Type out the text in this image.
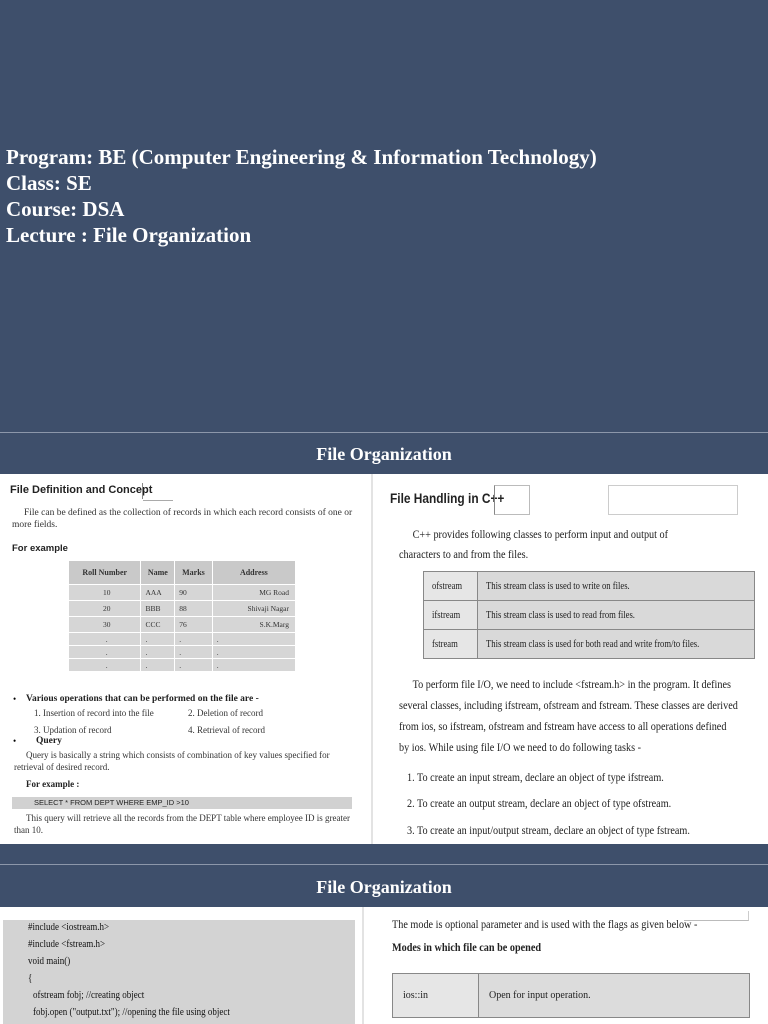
Program: BE (Computer Engineering & Information Technology)
Class: SE
Course: DSA
Lecture : File Organization
File Organization
File Definition and Concept
File can be defined as the collection of records in which each record consists of one or more fields.
For example
Roll Number	Name	Marks	Address
10	AAA	90	MG Road
20	BBB	88	Shivaji Nagar
30	CCC	76	S.K.Marg
.	.	.	.
.	.	.	.
.	.	.	.
• Various operations that can be performed on the file are -
1. Insertion of record into the file	2. Deletion of record
3. Updation of record	4. Retrieval of record
• Query
Query is basically a string which consists of combination of key values specified for retrieval of desired record.
For example :
SELECT * FROM DEPT WHERE EMP_ID >10
This query will retrieve all the records from the DEPT table where employee ID is greater than 10.
File Handling in C++
C++ provides following classes to perform input and output of characters to and from the files.
ofstream	This stream class is used to write on files.
ifstream	This stream class is used to read from files.
fstream	This stream class is used for both read and write from/to files.
To perform file I/O, we need to include <fstream.h> in the program. It defines several classes, including ifstream, ofstream and fstream. These classes are derived from ios, so ifstream, ofstream and fstream have access to all operations defined by ios. While using file I/O we need to do following tasks -
1. To create an input stream, declare an object of type ifstream.
2. To create an output stream, declare an object of type ofstream.
3. To create an input/output stream, declare an object of type fstream.
File Organization
#include <iostream.h>
#include <fstream.h>
void main()
{
ofstream fobj; //creating object
fobj.open ("output.txt"); //opening the file using object
The mode is optional parameter and is used with the flags as given below -
Modes in which file can be opened
ios::in	Open for input operation.
